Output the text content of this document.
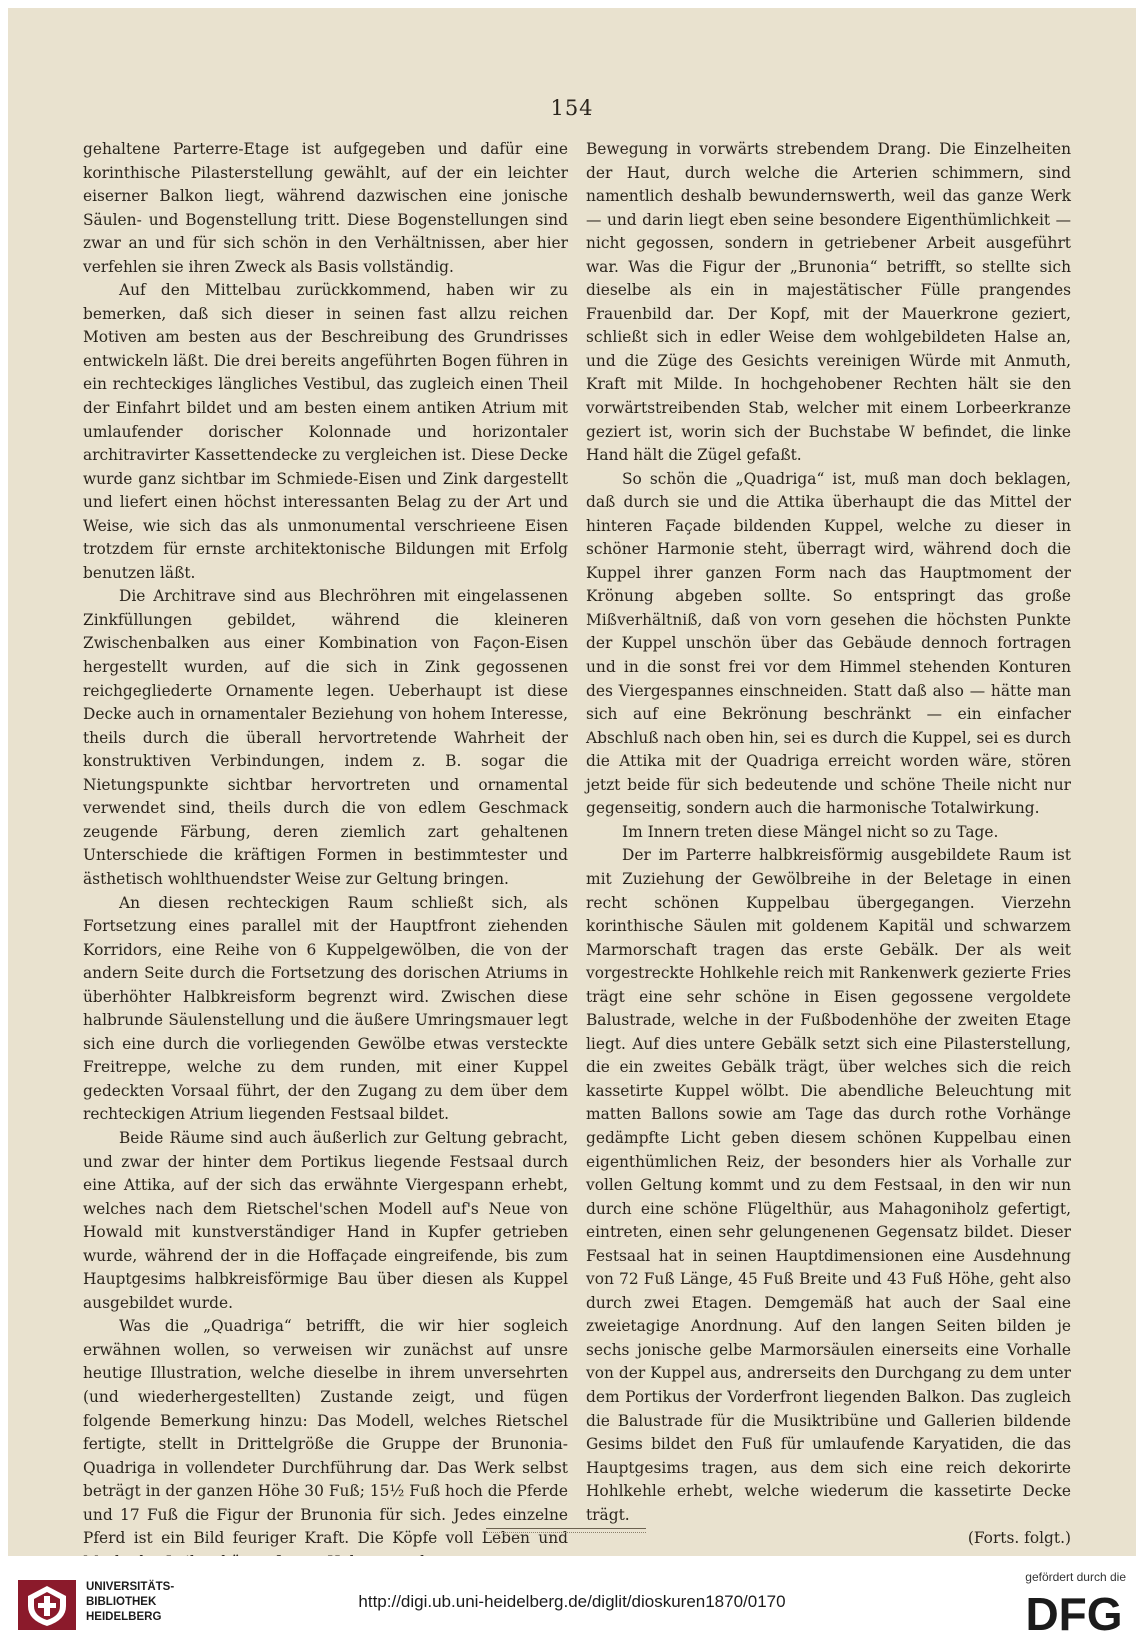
154

gehaltene Parterre-Etage ist aufgegeben und dafür eine korinthische Pilasterstellung gewählt, auf der ein leichter eiserner Balkon liegt, während dazwischen eine jonische Säulen- und Bogenstellung tritt. Diese Bogenstellungen sind zwar an und für sich schön in den Verhältnissen, aber hier verfehlen sie ihren Zweck als Basis vollständig.

Auf den Mittelbau zurückkommend, haben wir zu bemerken, daß sich dieser in seinen fast allzu reichen Motiven am besten aus der Beschreibung des Grundrisses entwickeln läßt. Die drei bereits angeführten Bogen führen in ein rechteckiges längliches Vestibul, das zugleich einen Theil der Einfahrt bildet und am besten einem antiken Atrium mit umlaufender dorischer Kolonnade und horizontaler architravirter Kassettendecke zu vergleichen ist. Diese Decke wurde ganz sichtbar im Schmiede-Eisen und Zink dargestellt und liefert einen höchst interessanten Belag zu der Art und Weise, wie sich das als unmonumental verschrieene Eisen trotzdem für ernste architektonische Bildungen mit Erfolg benutzen läßt.

Die Architrave sind aus Blechröhren mit eingelassenen Zinkfüllungen gebildet, während die kleineren Zwischenbalken aus einer Kombination von Façon-Eisen hergestellt wurden, auf die sich in Zink gegossenen reichgegliederte Ornamente legen. Ueberhaupt ist diese Decke auch in ornamentaler Beziehung von hohem Interesse, theils durch die überall hervortretende Wahrheit der konstruktiven Verbindungen, indem z. B. sogar die Nietungspunkte sichtbar hervortreten und ornamental verwendet sind, theils durch die von edlem Geschmack zeugende Färbung, deren ziemlich zart gehaltenen Unterschiede die kräftigen Formen in bestimmtester und ästhetisch wohlthuendster Weise zur Geltung bringen.

An diesen rechteckigen Raum schließt sich, als Fortsetzung eines parallel mit der Hauptfront ziehenden Korridors, eine Reihe von 6 Kuppelgewölben, die von der andern Seite durch die Fortsetzung des dorischen Atriums in überhöhter Halbkreisform begrenzt wird. Zwischen diese halbrunde Säulenstellung und die äußere Umringsmauer legt sich eine durch die vorliegenden Gewölbe etwas versteckte Freitreppe, welche zu dem runden, mit einer Kuppel gedeckten Vorsaal führt, der den Zugang zu dem über dem rechteckigen Atrium liegenden Festsaal bildet.

Beide Räume sind auch äußerlich zur Geltung gebracht, und zwar der hinter dem Portikus liegende Festsaal durch eine Attika, auf der sich das erwähnte Viergespann erhebt, welches nach dem Rietschel'schen Modell auf's Neue von Howald mit kunstverständiger Hand in Kupfer getrieben wurde, während der in die Hoffaçade eingreifende, bis zum Hauptgesims halbkreisförmige Bau über diesen als Kuppel ausgebildet wurde.

Was die „Quadriga“ betrifft, die wir hier sogleich erwähnen wollen, so verweisen wir zunächst auf unsre heutige Illustration, welche dieselbe in ihrem unversehrten (und wiederhergestellten) Zustande zeigt, und fügen folgende Bemerkung hinzu: Das Modell, welches Rietschel fertigte, stellt in Drittelgröße die Gruppe der Brunonia-Quadriga in vollendeter Durchführung dar. Das Werk selbst beträgt in der ganzen Höhe 30 Fuß; 15½ Fuß hoch die Pferde und 17 Fuß die Figur der Brunonia für sich. Jedes einzelne Pferd ist ein Bild feuriger Kraft. Die Köpfe voll Leben und

Bewegung in vorwärts strebendem Drang. Die Einzelheiten der Haut, durch welche die Arterien schimmern, sind namentlich deshalb bewundernswerth, weil das ganze Werk — und darin liegt eben seine besondere Eigenthümlichkeit — nicht gegossen, sondern in getriebener Arbeit ausgeführt war. Was die Figur der „Brunonia“ betrifft, so stellte sich dieselbe als ein in majestätischer Fülle prangendes Frauenbild dar. Der Kopf, mit der Mauerkrone geziert, schließt sich in edler Weise dem wohlgebildeten Halse an, und die Züge des Gesichts vereinigen Würde mit Anmuth, Kraft mit Milde. In hochgehobener Rechten hält sie den vorwärtstreibenden Stab, welcher mit einem Lorbeerkranze geziert ist, worin sich der Buchstabe W befindet, die linke Hand hält die Zügel gefaßt.

So schön die „Quadriga“ ist, muß man doch beklagen, daß durch sie und die Attika überhaupt die das Mittel der hinteren Façade bildenden Kuppel, welche zu dieser in schöner Harmonie steht, überragt wird, während doch die Kuppel ihrer ganzen Form nach das Hauptmoment der Krönung abgeben sollte. So entspringt das große Mißverhältniß, daß von vorn gesehen die höchsten Punkte der Kuppel unschön über das Gebäude dennoch fortragen und in die sonst frei vor dem Himmel stehenden Konturen des Viergespannes einschneiden. Statt daß also — hätte man sich auf eine Bekrönung beschränkt — ein einfacher Abschluß nach oben hin, sei es durch die Kuppel, sei es durch die Attika mit der Quadriga erreicht worden wäre, stören jetzt beide für sich bedeutende und schöne Theile nicht nur gegenseitig, sondern auch die harmonische Totalwirkung.

Im Innern treten diese Mängel nicht so zu Tage.

Der im Parterre halbkreisförmig ausgebildete Raum ist mit Zuziehung der Gewölbreihe in der Beletage in einen recht schönen Kuppelbau übergegangen. Vierzehn korinthische Säulen mit goldenem Kapitäl und schwarzem Marmorschaft tragen das erste Gebälk. Der als weit vorgestreckte Hohlkehle reich mit Rankenwerk gezierte Fries trägt eine sehr schöne in Eisen gegossene vergoldete Balustrade, welche in der Fußbodenhöhe der zweiten Etage liegt. Auf dies untere Gebälk setzt sich eine Pilasterstellung, die ein zweites Gebälk trägt, über welches sich die reich kassetirte Kuppel wölbt. Die abendliche Beleuchtung mit matten Ballons sowie am Tage das durch rothe Vorhänge gedämpfte Licht geben diesem schönen Kuppelbau einen eigenthümlichen Reiz, der besonders hier als Vorhalle zur vollen Geltung kommt und zu dem Festsaal, in den wir nun durch eine schöne Flügelthür, aus Mahagoniholz gefertigt, eintreten, einen sehr gelungenenen Gegensatz bildet. Dieser Festsaal hat in seinen Hauptdimensionen eine Ausdehnung von 72 Fuß Länge, 45 Fuß Breite und 43 Fuß Höhe, geht also durch zwei Etagen. Demgemäß hat auch der Saal eine zweietagige Anordnung. Auf den langen Seiten bilden je sechs jonische gelbe Marmorsäulen einerseits eine Vorhalle von der Kuppel aus, andrerseits den Durchgang zu dem unter dem Portikus der Vorderfront liegenden Balkon. Das zugleich die Balustrade für die Musiktribüne und Gallerien bildende Gesims bildet den Fuß für umlaufende Karyatiden, die das Hauptgesims tragen, aus dem sich eine reich dekorirte Hohlkehle erhebt, welche wiederum die kassetirte Decke trägt.

(Forts. folgt.)

UNIVERSITÄTS-
BIBLIOTHEK
HEIDELBERG
http://digi.ub.uni-heidelberg.de/diglit/dioskuren1870/0170
gefördert durch die
DFG
